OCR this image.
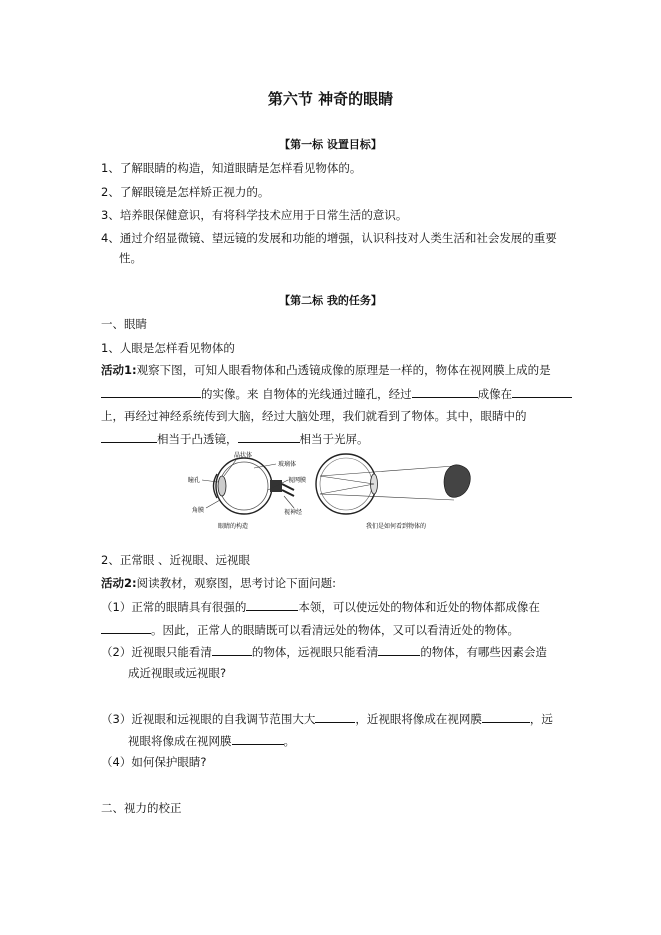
第六节 神奇的眼睛
【第一标 设置目标】
1、了解眼睛的构造，知道眼睛是怎样看见物体的。
2、了解眼镜是怎样矫正视力的。
3、培养眼保健意识，有将科学技术应用于日常生活的意识。
4、通过介绍显微镜、望远镜的发展和功能的增强，认识科技对人类生活和社会发展的重要
性。
【第二标 我的任务】
一、眼睛
1、人眼是怎样看见物体的
活动1:观察下图，可知人眼看物体和凸透镜成像的原理是一样的，物体在视网膜上成的是
的实像。来 自物体的光线通过瞳孔，经过	成像在
上，再经过神经系统传到大脑，经过大脑处理，我们就看到了物体。其中，眼睛中的
相当于凸透镜，	相当于光屏。
晶状体
玻璃体
瞳孔	视网膜
角膜	视神经
眼睛的构造	我们是如何看到物体的
2、正常眼 、近视眼、远视眼
活动2:阅读教材，观察图，思考讨论下面问题:
（1）正常的眼睛具有很强的	本领，可以使远处的物体和近处的物体都成像在
。因此，正常人的眼睛既可以看清远处的物体，又可以看清近处的物体。
（2）近视眼只能看清	的物体，远视眼只能看清	的物体，有哪些因素会造
成近视眼或远视眼?
（3）近视眼和远视眼的自我调节范围大大	，近视眼将像成在视网膜	，远
视眼将像成在视网膜	。
（4）如何保护眼睛?
二、视力的校正
